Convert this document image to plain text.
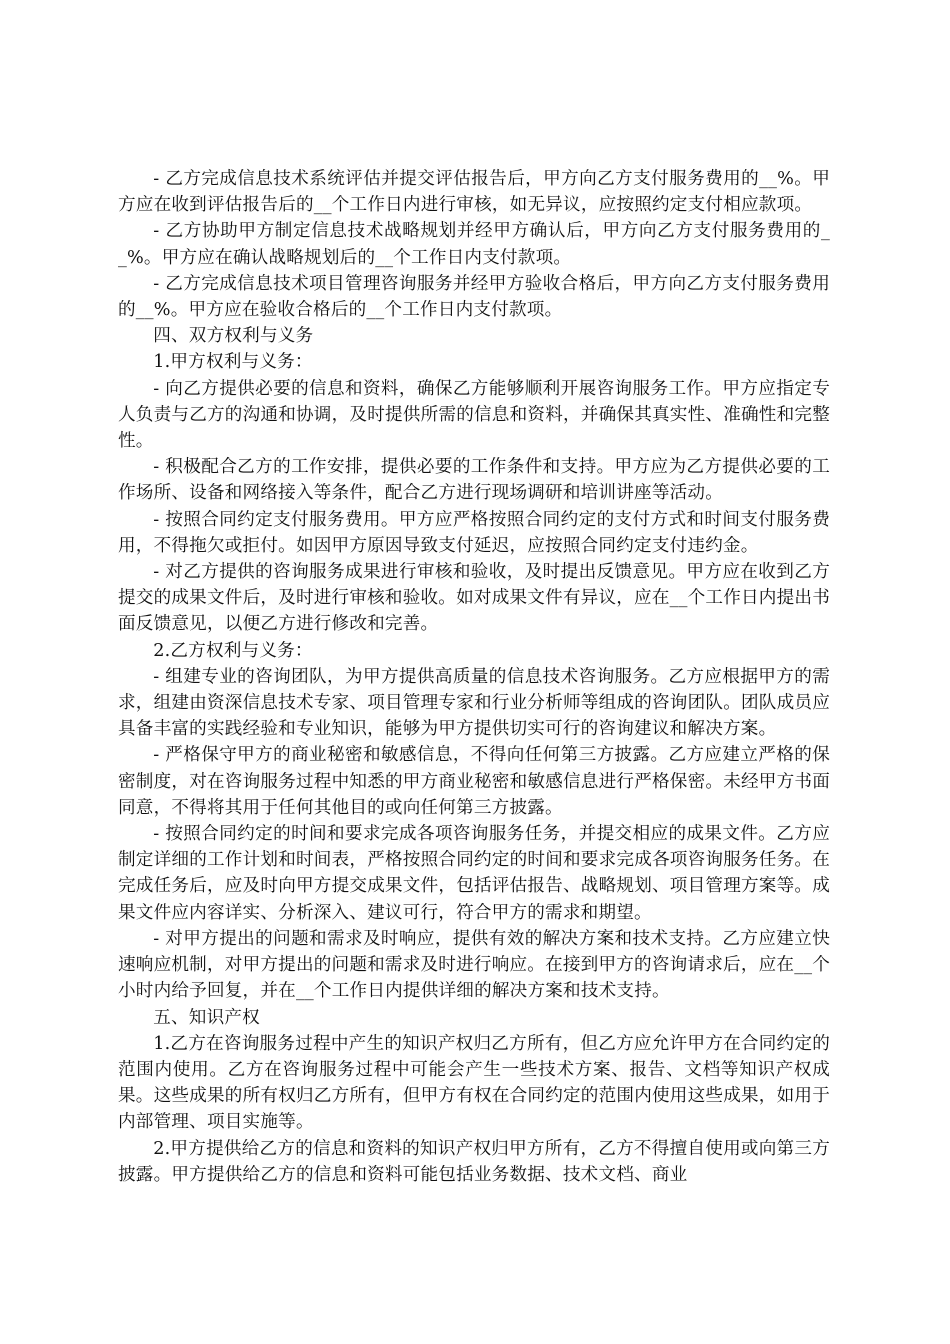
- 乙方完成信息技术系统评估并提交评估报告后，甲方向乙方支付服务费用的__%。甲方应在收到评估报告后的__个工作日内进行审核，如无异议，应按照约定支付相应款项。

- 乙方协助甲方制定信息技术战略规划并经甲方确认后，甲方向乙方支付服务费用的__%。甲方应在确认战略规划后的__个工作日内支付款项。

- 乙方完成信息技术项目管理咨询服务并经甲方验收合格后，甲方向乙方支付服务费用的__%。甲方应在验收合格后的__个工作日内支付款项。

四、双方权利与义务

1.甲方权利与义务：

- 向乙方提供必要的信息和资料，确保乙方能够顺利开展咨询服务工作。甲方应指定专人负责与乙方的沟通和协调，及时提供所需的信息和资料，并确保其真实性、准确性和完整性。

- 积极配合乙方的工作安排，提供必要的工作条件和支持。甲方应为乙方提供必要的工作场所、设备和网络接入等条件，配合乙方进行现场调研和培训讲座等活动。

- 按照合同约定支付服务费用。甲方应严格按照合同约定的支付方式和时间支付服务费用，不得拖欠或拒付。如因甲方原因导致支付延迟，应按照合同约定支付违约金。

- 对乙方提供的咨询服务成果进行审核和验收，及时提出反馈意见。甲方应在收到乙方提交的成果文件后，及时进行审核和验收。如对成果文件有异议，应在__个工作日内提出书面反馈意见，以便乙方进行修改和完善。

2.乙方权利与义务：

- 组建专业的咨询团队，为甲方提供高质量的信息技术咨询服务。乙方应根据甲方的需求，组建由资深信息技术专家、项目管理专家和行业分析师等组成的咨询团队。团队成员应具备丰富的实践经验和专业知识，能够为甲方提供切实可行的咨询建议和解决方案。

- 严格保守甲方的商业秘密和敏感信息，不得向任何第三方披露。乙方应建立严格的保密制度，对在咨询服务过程中知悉的甲方商业秘密和敏感信息进行严格保密。未经甲方书面同意，不得将其用于任何其他目的或向任何第三方披露。

- 按照合同约定的时间和要求完成各项咨询服务任务，并提交相应的成果文件。乙方应制定详细的工作计划和时间表，严格按照合同约定的时间和要求完成各项咨询服务任务。在完成任务后，应及时向甲方提交成果文件，包括评估报告、战略规划、项目管理方案等。成果文件应内容详实、分析深入、建议可行，符合甲方的需求和期望。

- 对甲方提出的问题和需求及时响应，提供有效的解决方案和技术支持。乙方应建立快速响应机制，对甲方提出的问题和需求及时进行响应。在接到甲方的咨询请求后，应在__个小时内给予回复，并在__个工作日内提供详细的解决方案和技术支持。

五、知识产权

1.乙方在咨询服务过程中产生的知识产权归乙方所有，但乙方应允许甲方在合同约定的范围内使用。乙方在咨询服务过程中可能会产生一些技术方案、报告、文档等知识产权成果。这些成果的所有权归乙方所有，但甲方有权在合同约定的范围内使用这些成果，如用于内部管理、项目实施等。

2.甲方提供给乙方的信息和资料的知识产权归甲方所有，乙方不得擅自使用或向第三方披露。甲方提供给乙方的信息和资料可能包括业务数据、技术文档、商业
